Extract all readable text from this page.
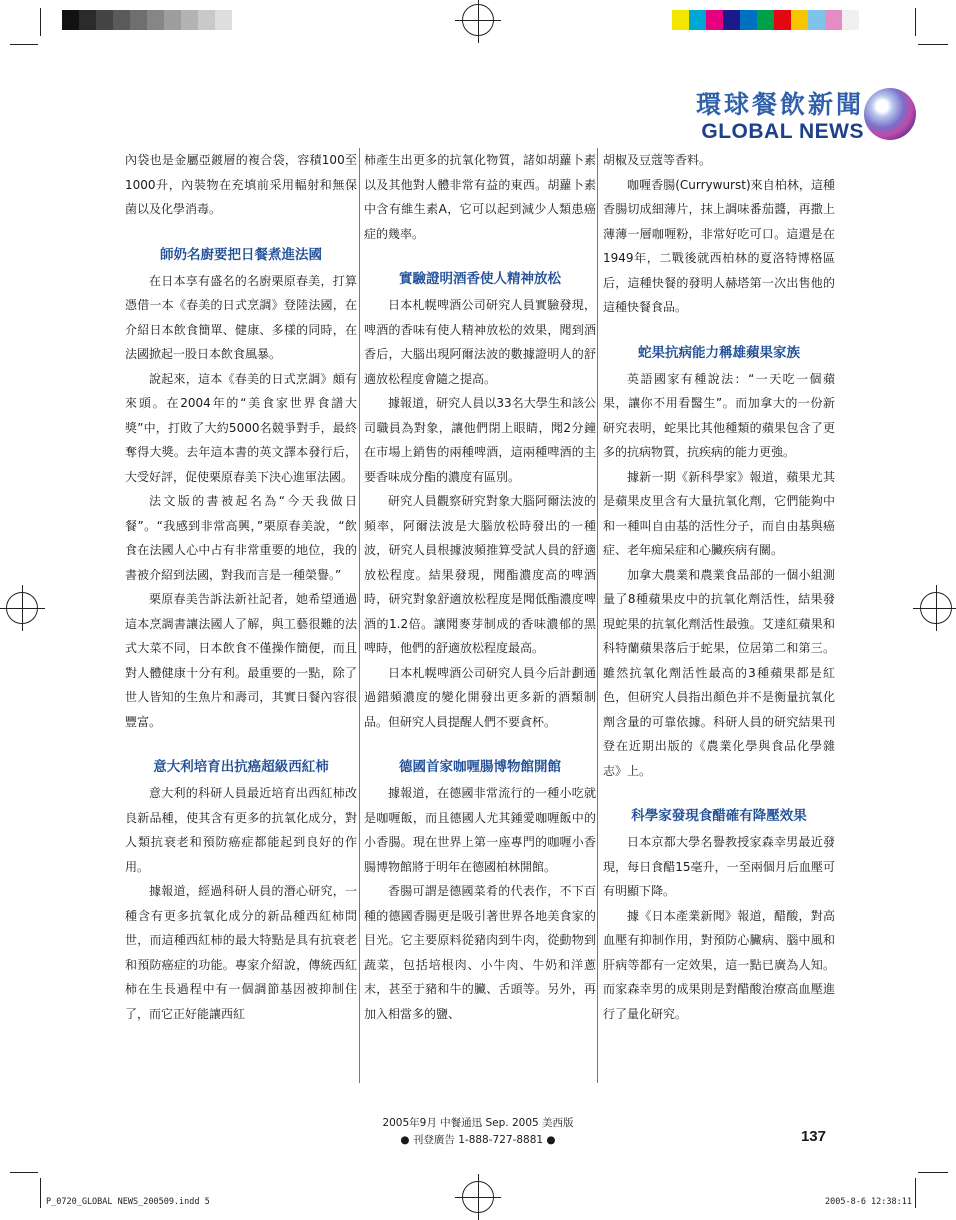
環球餐飲新聞
GLOBAL NEWS

內袋也是金屬亞鍍層的複合袋，容積100至1000升，內裝物在充填前采用輻射和無保菌以及化學消毒。

師奶名廚要把日餐煮進法國

在日本享有盛名的名廚栗原春美，打算憑借一本《春美的日式烹調》登陸法國，在介紹日本飲食簡單、健康、多樣的同時，在法國掀起一股日本飲食風暴。

說起來，這本《春美的日式烹調》頗有來頭。在2004年的“美食家世界食譜大獎”中，打敗了大約5000名競爭對手，最終奪得大獎。去年這本書的英文譯本發行后，大受好評，促使栗原春美下決心進軍法國。

法文版的書被起名為“今天我做日餐”。“我感到非常高興，”栗原春美說，“飲食在法國人心中占有非常重要的地位，我的書被介紹到法國，對我而言是一種榮譽。”

栗原春美告訴法新社記者，她希望通過這本烹調書讓法國人了解，與工藝很難的法式大菜不同，日本飲食不僅操作簡便，而且對人體健康十分有利。最重要的一點，除了世人皆知的生魚片和壽司，其實日餐內容很豐富。

意大利培育出抗癌超級西紅柿

意大利的科研人員最近培育出西紅柿改良新品種，使其含有更多的抗氧化成分，對人類抗衰老和預防癌症都能起到良好的作用。

據報道，經過科研人員的潛心研究，一種含有更多抗氧化成分的新品種西紅柿問世，而這種西紅柿的最大特點是具有抗衰老和預防癌症的功能。專家介紹說，傳統西紅柿在生長過程中有一個調節基因被抑制住了，而它正好能讓西紅

柿產生出更多的抗氧化物質，諸如胡蘿卜素以及其他對人體非常有益的東西。胡蘿卜素中含有維生素A，它可以起到減少人類患癌症的幾率。

實驗證明酒香使人精神放松

日本札幌啤酒公司研究人員實驗發現，啤酒的香味有使人精神放松的效果，聞到酒香后，大腦出現阿爾法波的數據證明人的舒適放松程度會隨之提高。

據報道，研究人員以33名大學生和該公司職員為對象，讓他們閉上眼睛，聞2分鐘在市場上銷售的兩種啤酒，這兩種啤酒的主要香味成分酯的濃度有區別。

研究人員觀察研究對象大腦阿爾法波的頻率，阿爾法波是大腦放松時發出的一種波，研究人員根據波頻推算受試人員的舒適放松程度。結果發現，聞酯濃度高的啤酒時，研究對象舒適放松程度是聞低酯濃度啤酒的1.2倍。讓聞麥芽制成的香味濃郁的黑啤時，他們的舒適放松程度最高。

日本札幌啤酒公司研究人員今后計劃通過錯頻濃度的變化開發出更多新的酒類制品。但研究人員提醒人們不要貪杯。

德國首家咖喱腸博物館開館

據報道，在德國非常流行的一種小吃就是咖喱飯，而且德國人尤其鍾愛咖喱飯中的小香腸。現在世界上第一座專門的咖喱小香腸博物館將于明年在德國柏林開館。

香腸可謂是德國菜肴的代表作，不下百種的德國香腸更是吸引著世界各地美食家的目光。它主要原料從豬肉到牛肉，從動物到蔬菜，包括培根肉、小牛肉、牛奶和洋蔥末，甚至于豬和牛的臟、舌頭等。另外，再加入相當多的鹽、

胡椒及豆蔻等香料。

咖喱香腸(Currywurst)來自柏林，這種香腸切成細薄片，抹上調味番茄醬，再撒上薄薄一層咖喱粉，非常好吃可口。這還是在1949年，二戰後就西柏林的夏洛特博格區后，這種快餐的發明人赫塔第一次出售他的這種快餐食品。

蛇果抗病能力稱雄蘋果家族

英語國家有種說法：“一天吃一個蘋果，讓你不用看醫生”。而加拿大的一份新研究表明，蛇果比其他種類的蘋果包含了更多的抗病物質，抗疾病的能力更強。

據新一期《新科學家》報道，蘋果尤其是蘋果皮里含有大量抗氧化劑，它們能夠中和一種叫自由基的活性分子，而自由基與癌症、老年痴呆症和心臟疾病有關。

加拿大農業和農業食品部的一個小組測量了8種蘋果皮中的抗氧化劑活性，結果發現蛇果的抗氧化劑活性最強。艾達紅蘋果和科特蘭蘋果落后于蛇果，位居第二和第三。雖然抗氧化劑活性最高的3種蘋果都是紅色，但研究人員指出顏色并不是衡量抗氧化劑含量的可靠依據。科研人員的研究結果刊登在近期出版的《農業化學與食品化學雜志》上。

科學家發現食醋確有降壓效果

日本京都大學名譽教授家森幸男最近發現，每日食醋15毫升，一至兩個月后血壓可有明顯下降。

據《日本產業新聞》報道，醋酸，對高血壓有抑制作用，對預防心臟病、腦中風和肝病等都有一定效果，這一點已廣為人知。而家森幸男的成果則是對醋酸治療高血壓進行了量化研究。

2005年9月 中餐通迅 Sep. 2005 美西版
● 刊登廣告 1-888-727-8881 ●	137
P_0720_GLOBAL NEWS_200509.indd 5	2005-8-6 12:38:11
